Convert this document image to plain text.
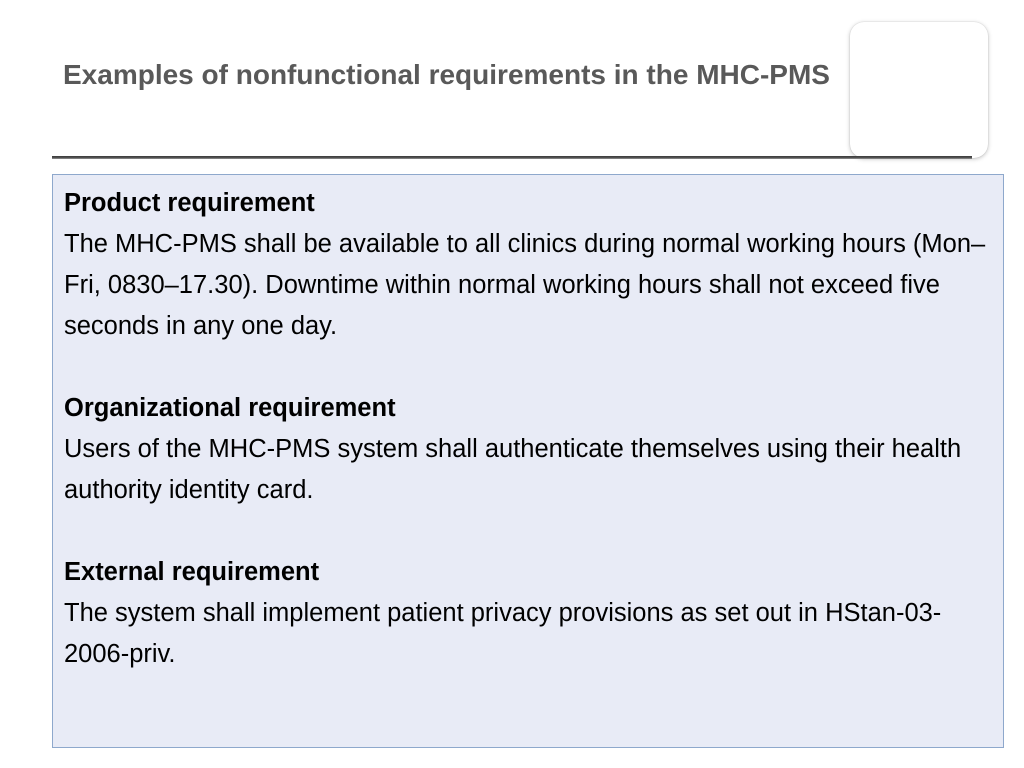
Examples of nonfunctional requirements in the MHC-PMS
Product requirement
The MHC-PMS shall be available to all clinics during normal working hours (Mon–Fri, 0830–17.30). Downtime within normal working hours shall not exceed five seconds in any one day.
Organizational requirement
Users of the MHC-PMS system shall authenticate themselves using their health authority identity card.
External requirement
The system shall implement patient privacy provisions as set out in HStan-03-2006-priv.
